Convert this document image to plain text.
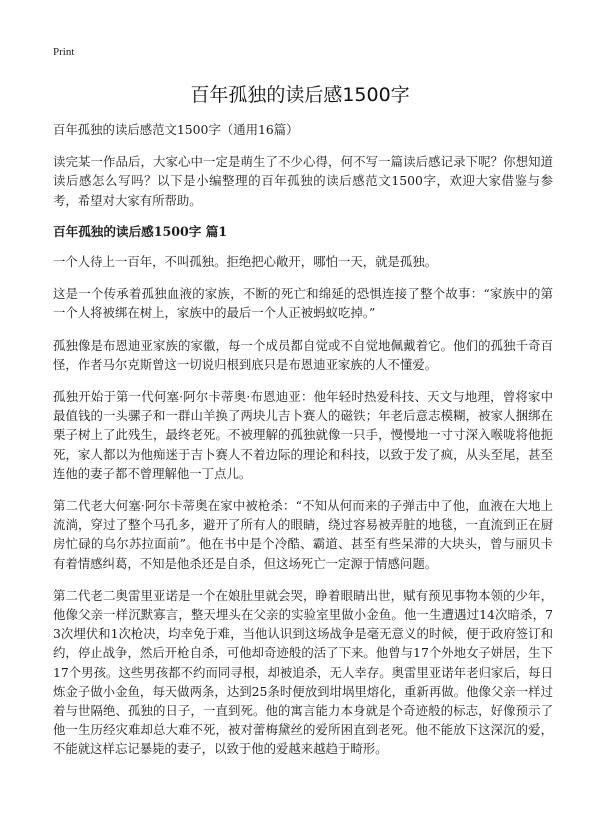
Print
百年孤独的读后感1500字

百年孤独的读后感范文1500字（通用16篇）

读完某一作品后，大家心中一定是萌生了不少心得，何不写一篇读后感记录下呢？你想知道读后感怎么写吗？以下是小编整理的百年孤独的读后感范文1500字，欢迎大家借鉴与参考，希望对大家有所帮助。

百年孤独的读后感1500字 篇1

一个人待上一百年，不叫孤独。拒绝把心敞开，哪怕一天，就是孤独。

这是一个传承着孤独血液的家族，不断的死亡和绵延的恐惧连接了整个故事：“家族中的第一个人将被绑在树上，家族中的最后一个人正被蚂蚁吃掉。”

孤独像是布恩迪亚家族的家徽，每一个成员都自觉或不自觉地佩戴着它。他们的孤独千奇百怪，作者马尔克斯曾这一切说归根到底只是布恩迪亚家族的人不懂爱。

孤独开始于第一代何塞·阿尔卡蒂奥·布恩迪亚：他年轻时热爱科技、天文与地理，曾将家中最值钱的一头骡子和一群山羊换了两块儿吉卜赛人的磁铁；年老后意志模糊，被家人捆绑在栗子树上了此残生，最终老死。不被理解的孤独就像一只手，慢慢地一寸寸深入喉咙将他扼死，家人都以为他痴迷于吉卜赛人不着边际的理论和科技，以致于发了疯，从头至尾，甚至连他的妻子都不曾理解他一丁点儿。

第二代老大何塞·阿尔卡蒂奥在家中被枪杀：“不知从何而来的子弹击中了他，血液在大地上流淌，穿过了整个马孔多，避开了所有人的眼睛，绕过容易被弄脏的地毯，一直流到正在厨房忙碌的乌尔苏拉面前”。他在书中是个冷酷、霸道、甚至有些呆滞的大块头，曾与丽贝卡有着情感纠葛，不知是他杀还是自杀，但这场死亡一定源于情感问题。

第二代老二奥雷里亚诺是一个在娘肚里就会哭，睁着眼睛出世，赋有预见事物本领的少年，他像父亲一样沉默寡言，整天埋头在父亲的实验室里做小金鱼。他一生遭遇过14次暗杀，73次埋伏和1次枪决，均幸免于难，当他认识到这场战争是毫无意义的时候，便于政府签订和约，停止战争，然后开枪自杀，可他却奇迹般的活了下来。他曾与17个外地女子姘居，生下17个男孩。这些男孩都不约而同寻根，却被追杀，无人幸存。奥雷里亚诺年老归家后，每日炼金子做小金鱼，每天做两条，达到25条时便放到坩埚里熔化，重新再做。他像父亲一样过着与世隔绝、孤独的日子，一直到死。他的寓言能力本身就是个奇迹般的标志，好像预示了他一生历经灾难却总大难不死，被对蕾梅黛丝的爱所困直到老死。他不能放下这深沉的爱，不能就这样忘记暴毙的妻子，以致于他的爱越来越趋于畸形。
